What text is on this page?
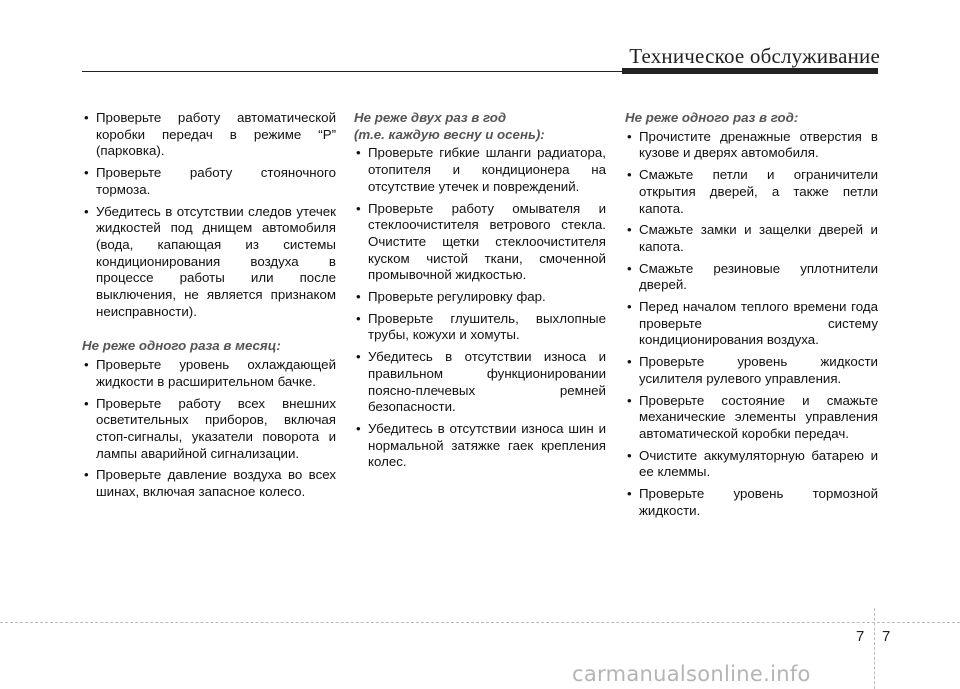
Техническое обслуживание
• Проверьте работу автоматической коробки передач в режиме “P” (парковка).
• Проверьте работу стояночного тормоза.
• Убедитесь в отсутствии следов утечек жидкостей под днищем автомобиля (вода, капающая из системы кондиционирования воздуха в процессе работы или после выключения, не является признаком неисправности).

Не реже одного раза в месяц:

• Проверьте уровень охлаждающей жидкости в расширительном бачке.
• Проверьте работу всех внешних осветительных приборов, включая стоп-сигналы, указатели поворота и лампы аварийной сигнализации.
• Проверьте давление воздуха во всех шинах, включая запасное колесо.

Не реже двух раз в год

(т.е. каждую весну и осень):

• Проверьте гибкие шланги радиатора, отопителя и кондиционера на отсутствие утечек и повреждений.
• Проверьте работу омывателя и стеклоочистителя ветрового стекла. Очистите щетки стеклоочистителя куском чистой ткани, смоченной промывочной жидкостью.
• Проверьте регулировку фар.
• Проверьте глушитель, выхлопные трубы, кожухи и хомуты.
• Убедитесь в отсутствии износа и правильном функционировании поясно-плечевых ремней безопасности.
• Убедитесь в отсутствии износа шин и нормальной затяжке гаек крепления колес.

Не реже одного раз в год:

• Прочистите дренажные отверстия в кузове и дверях автомобиля.
• Смажьте петли и ограничители открытия дверей, а также петли капота.
• Смажьте замки и защелки дверей и капота.
• Смажьте резиновые уплотнители дверей.
• Перед началом теплого времени года проверьте систему кондиционирования воздуха.
• Проверьте уровень жидкости усилителя рулевого управления.
• Проверьте состояние и смажьте механические элементы управления автоматической коробки передач.
• Очистите аккумуляторную батарею и ее клеммы.
• Проверьте уровень тормозной жидкости.
7 7
carmanualsonline.info
